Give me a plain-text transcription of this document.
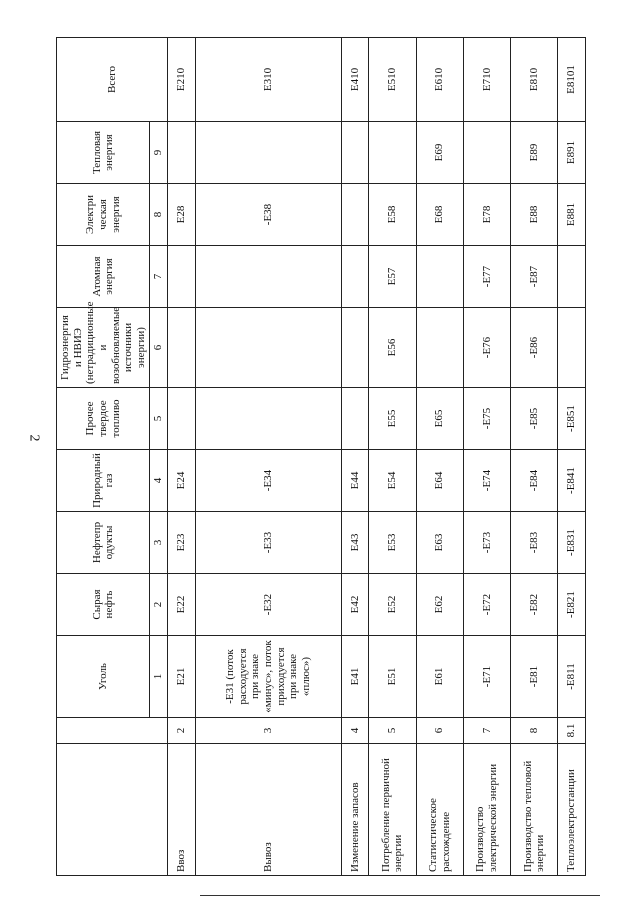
2
		Уголь	Сырая нефть	Нефтепр одукты	Природный газ	Прочее твердое топливо	Гидроэнергия и НВИЭ (нетрадиционные и возобновляемые источники энергии)	Атомная энергия	Электри ческая энергия	Тепловая энергия	Всего
		1	2	3	4	5	6	7	8	9	
Ввоз	2	E21	E22	E23	E24				E28		E210
Вывоз	3	-E31 (поток расходуется при знаке «минус», поток приходуется при знаке «плюс»)	-E32	-E33	-E34				-E38		E310
Изменение запасов	4	E41	E42	E43	E44						E410
Потребление первичной энергии	5	E51	E52	E53	E54	E55	E56	E57	E58		E510
Статистическое расхождение	6	E61	E62	E63	E64	E65			E68	E69	E610
Производство электрической энергии	7	-E71	-E72	-E73	-E74	-E75	-E76	-E77	E78		E710
Производство тепловой энергии	8	-E81	-E82	-E83	-E84	-E85	-E86	-E87	E88	E89	E810
Теплоэлектростанции	8.1	-E811	-E821	-E831	-E841	-E851			E881	E891	E8101
